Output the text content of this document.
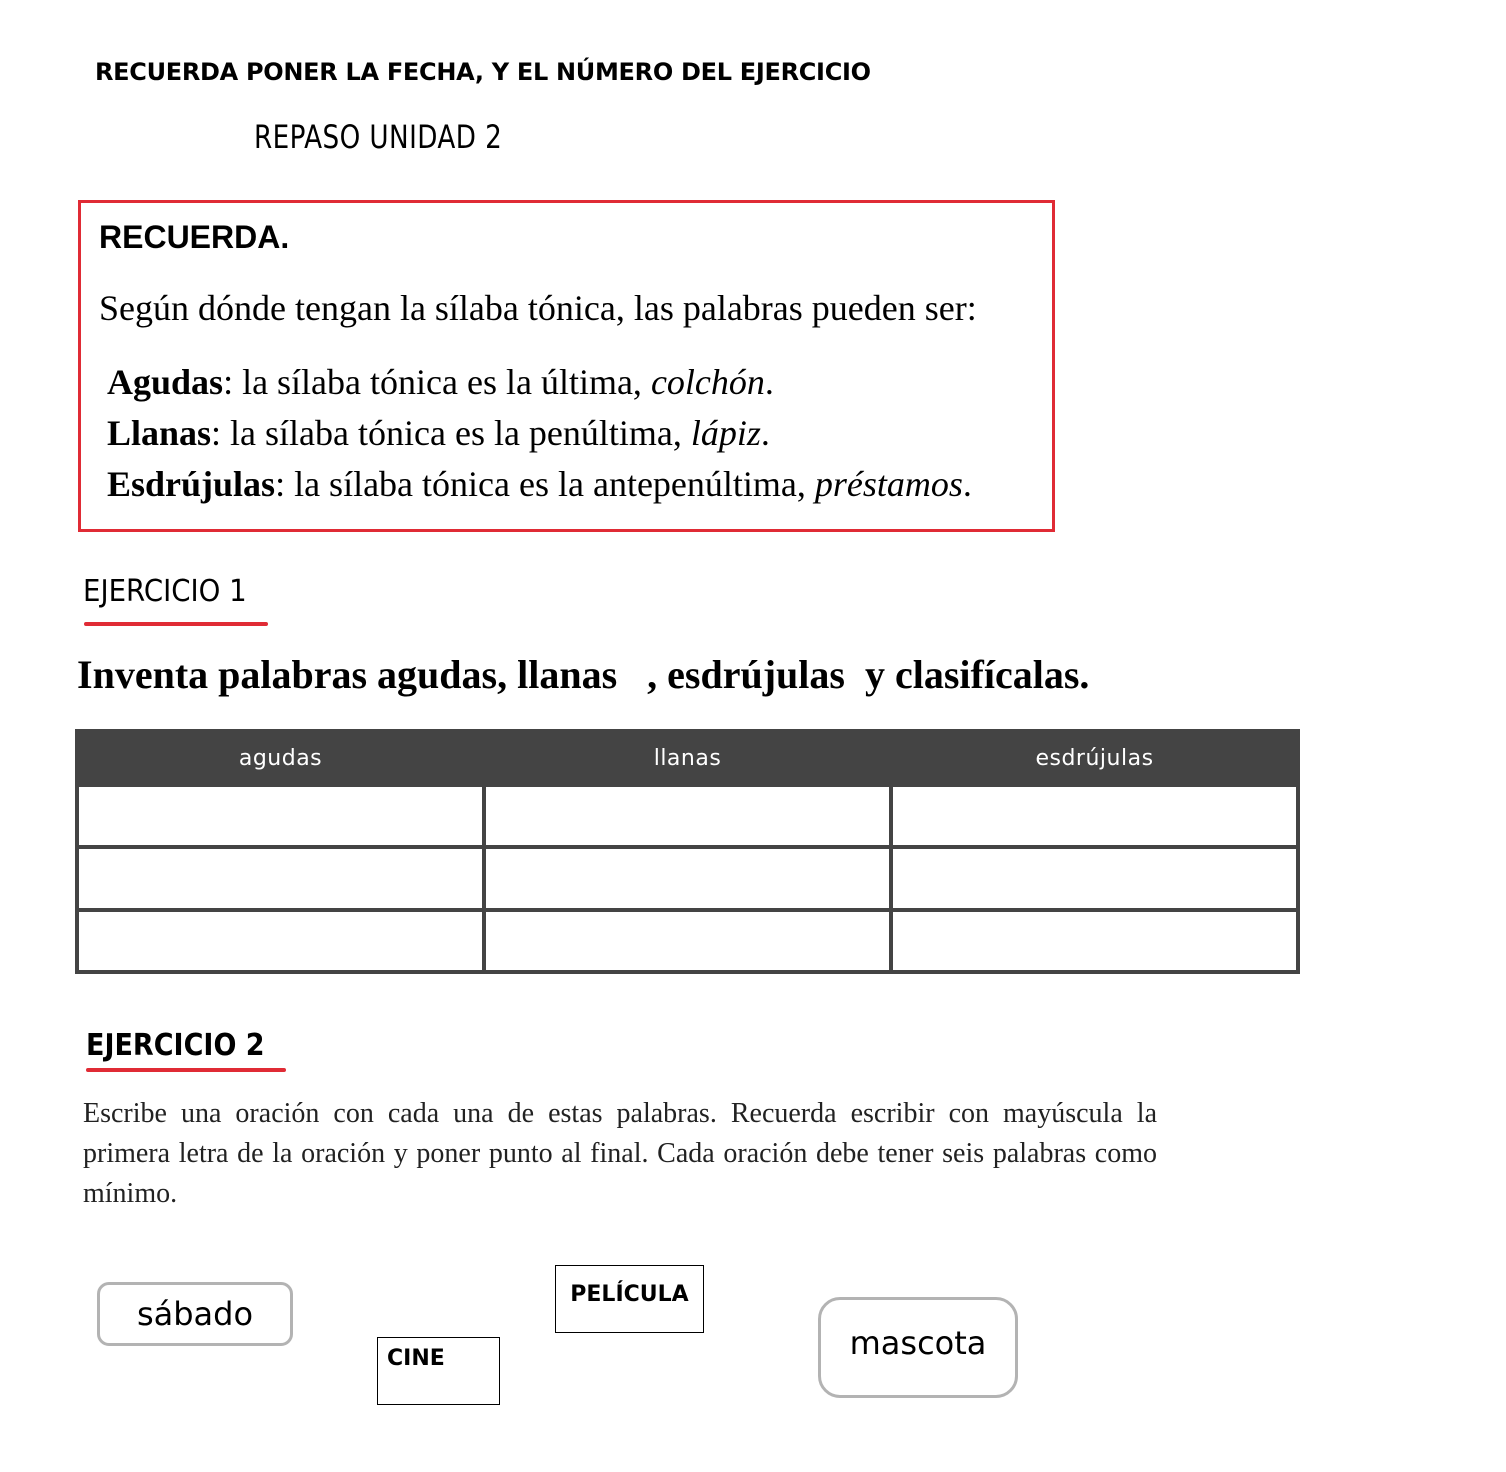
RECUERDA PONER LA FECHA, Y EL NÚMERO DEL EJERCICIO
REPASO UNIDAD 2
RECUERDA.
Según dónde tengan la sílaba tónica, las palabras pueden ser:
Agudas: la sílaba tónica es la última, colchón.
Llanas: la sílaba tónica es la penúltima, lápiz.
Esdrújulas: la sílaba tónica es la antepenúltima, préstamos.
EJERCICIO 1
Inventa palabras agudas, llanas   , esdrújulas  y clasifícalas.
agudas	llanas	esdrújulas

EJERCICIO 2
Escribe una oración con cada una de estas palabras. Recuerda escribir con mayúscula la primera letra de la oración y poner punto al final. Cada oración debe tener seis palabras como mínimo.
sábado
CINE
PELÍCULA
mascota
